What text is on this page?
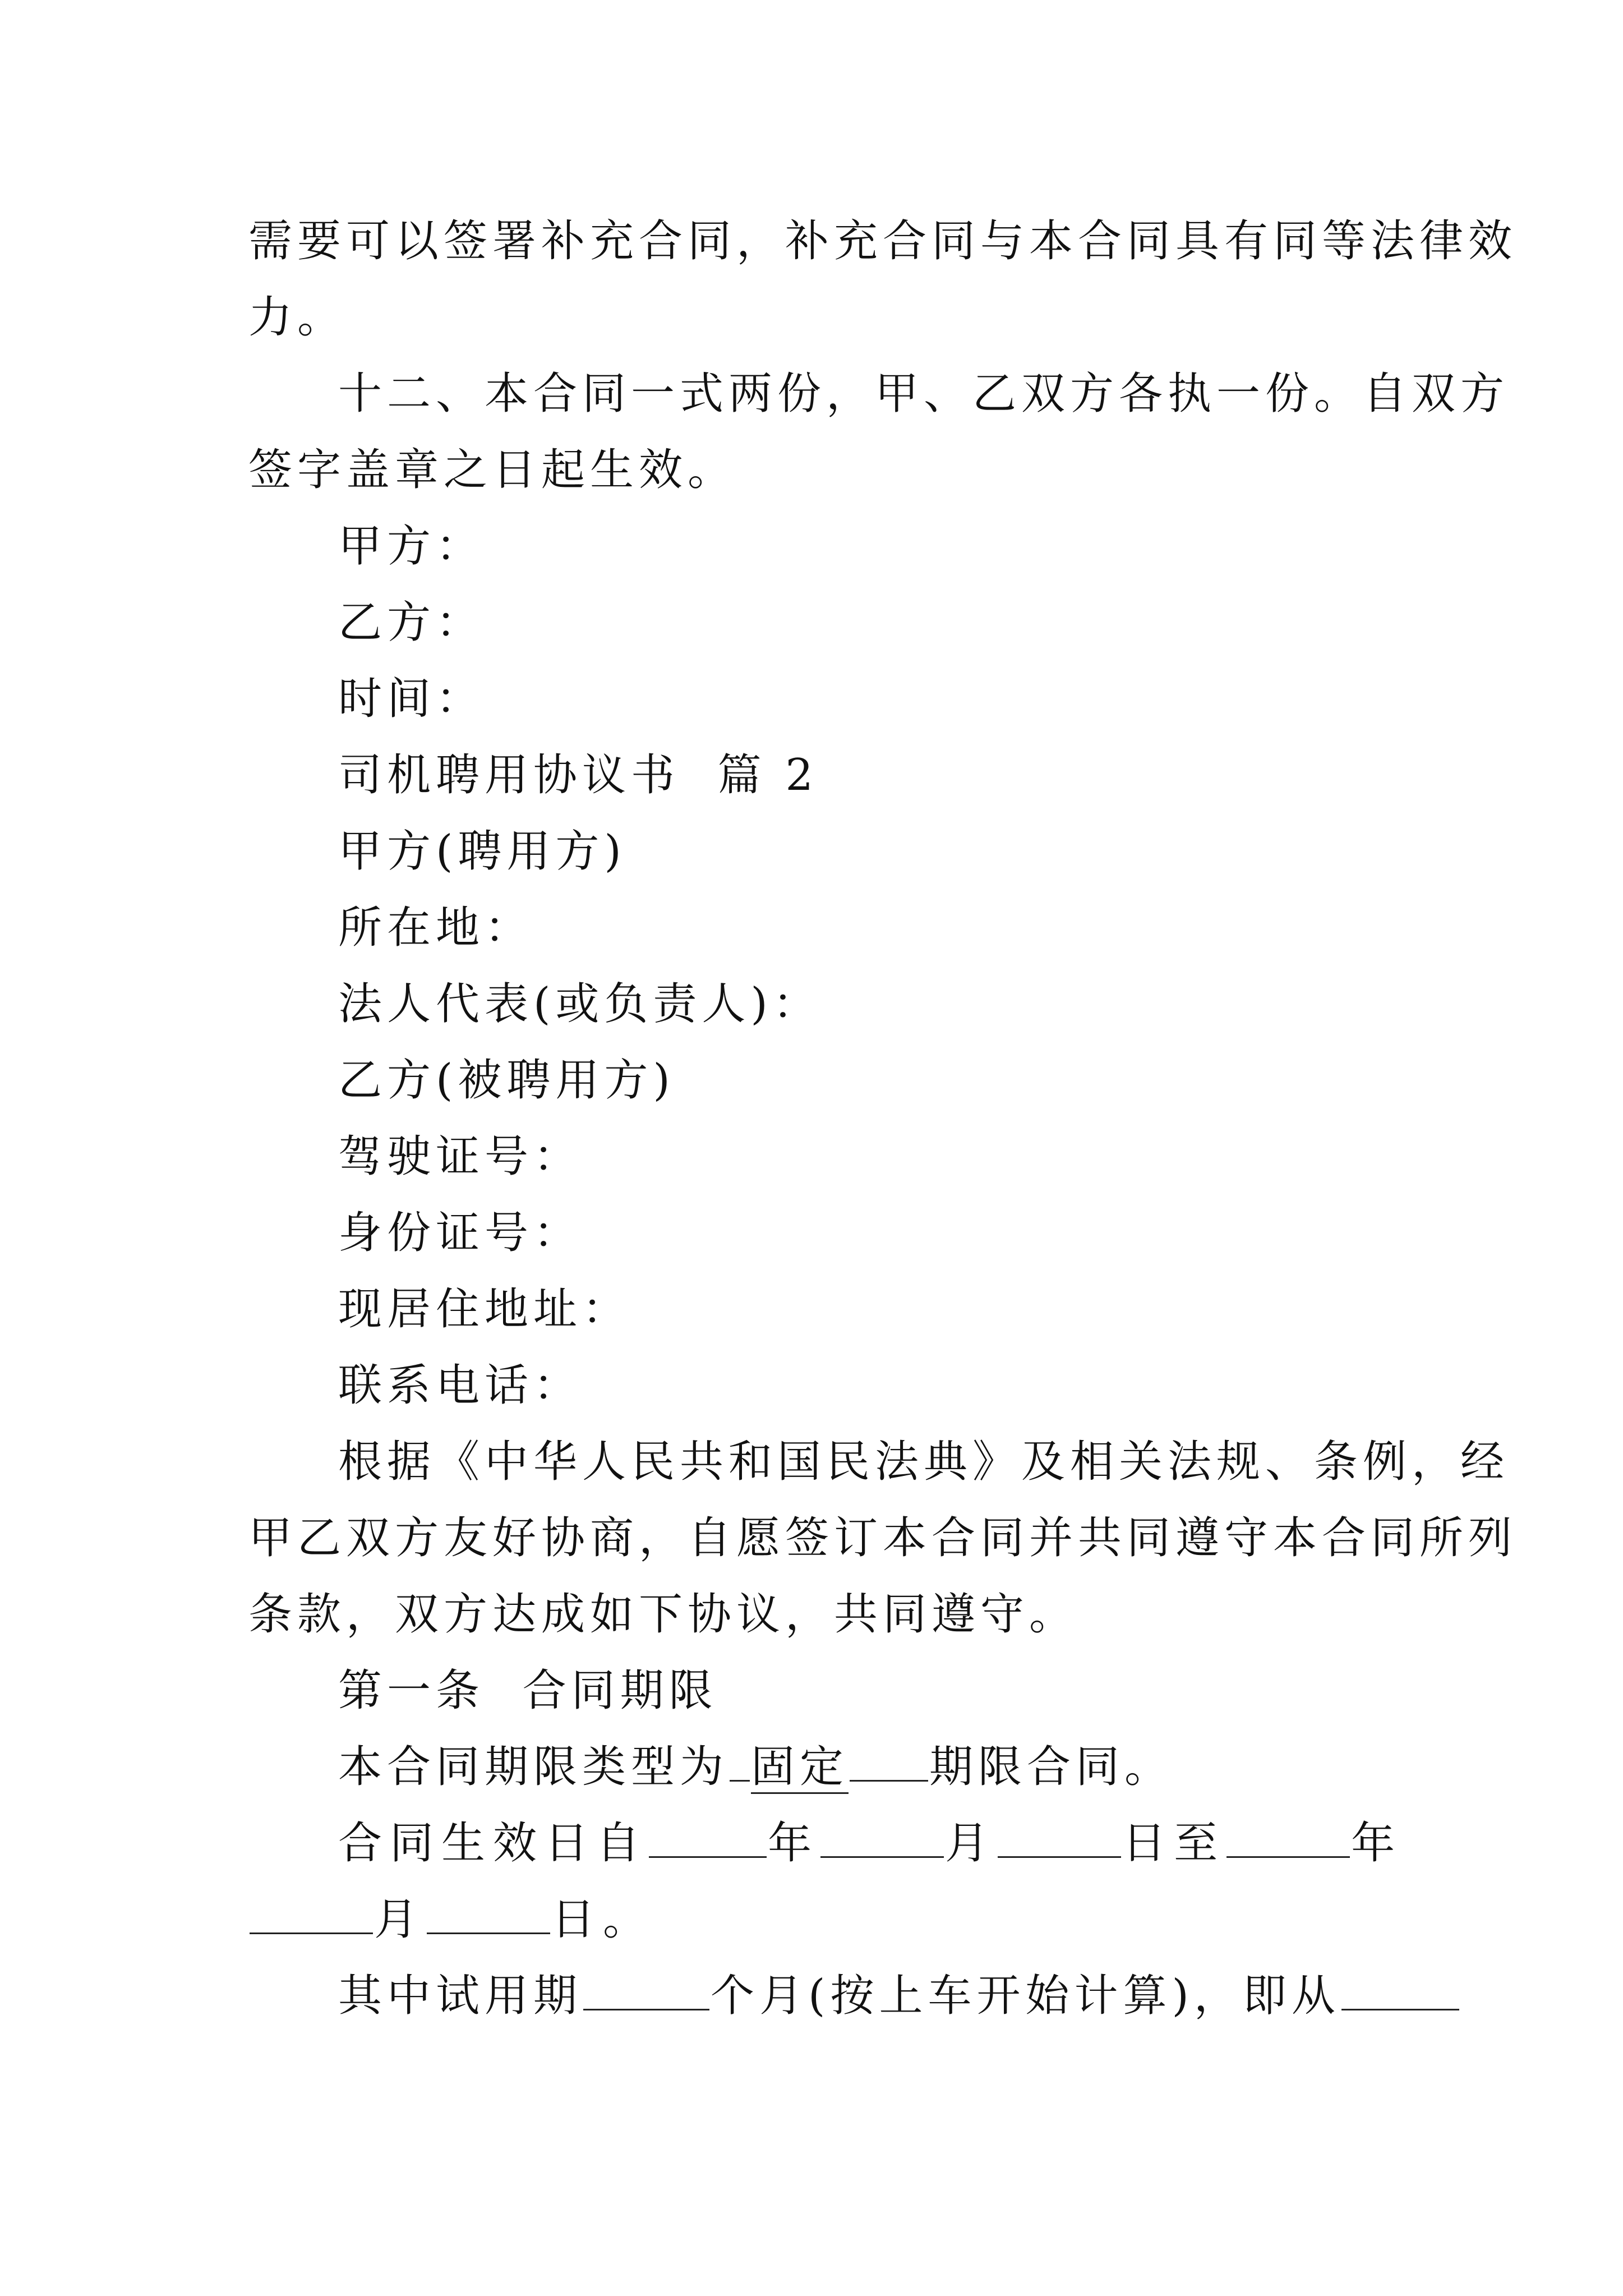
需要可以签署补充合同，补充合同与本合同具有同等法律效
力。
十二、本合同一式两份，甲、乙双方各执一份。自双方
签字盖章之日起生效。
甲方：
乙方：
时间：
司机聘用协议书  篇 2
甲方(聘用方)
所在地：
法人代表(或负责人)：
乙方(被聘用方)
驾驶证号：
身份证号：
现居住地址：
联系电话：
根据《中华人民共和国民法典》及相关法规、条例，经
甲乙双方友好协商，自愿签订本合同并共同遵守本合同所列
条款，双方达成如下协议，共同遵守。
第一条  合同期限
本合同期限类型为 固定 期限合同。
合同生效日自	年	月	日至	年
月	日。
其中试用期	个月(按上车开始计算)，即从
